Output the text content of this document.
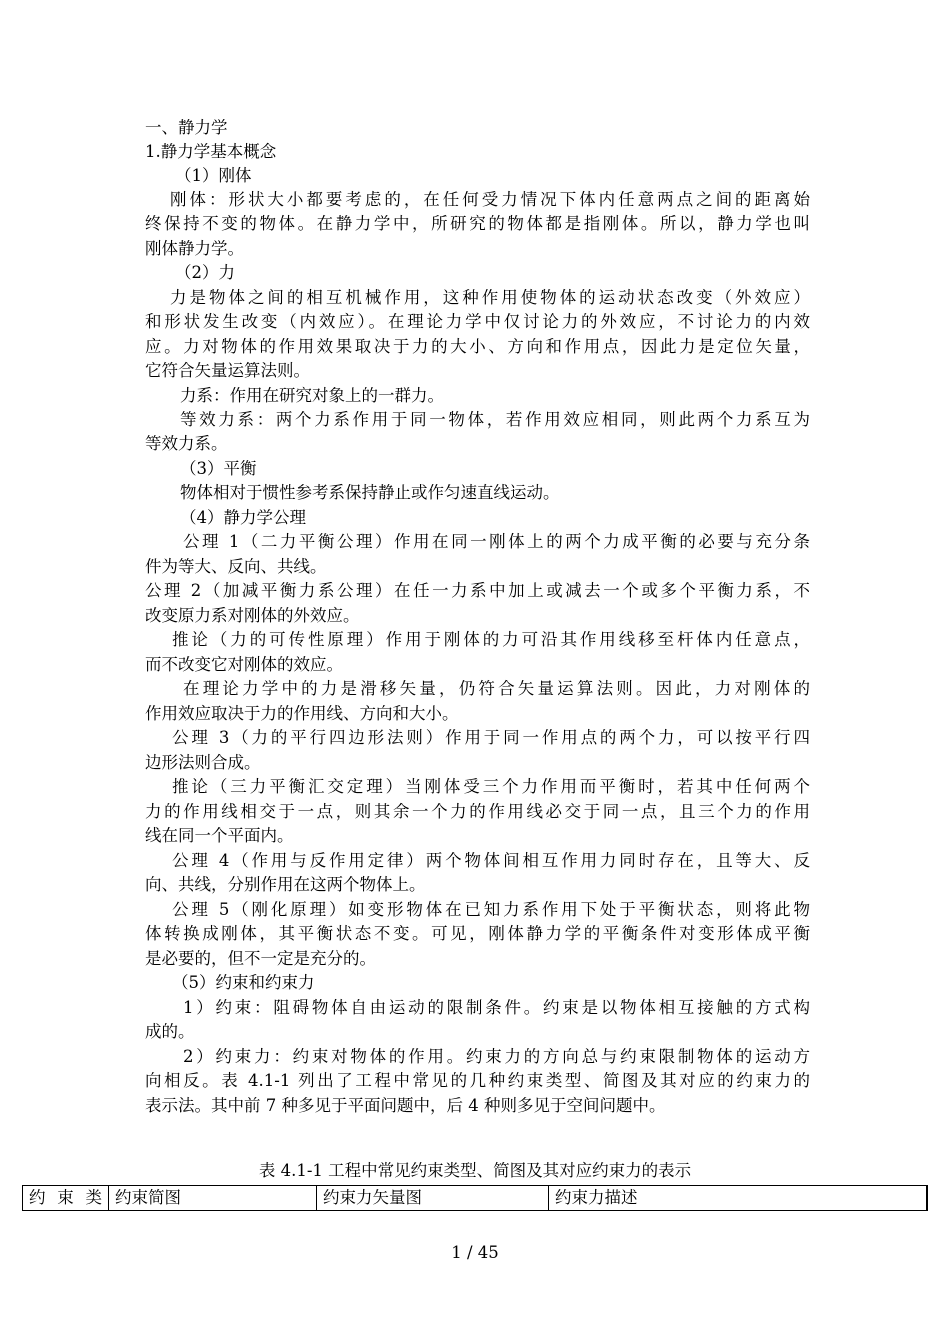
一、静力学
1.静力学基本概念
（1）刚体
刚体：形状大小都要考虑的，在任何受力情况下体内任意两点之间的距离始
终保持不变的物体。在静力学中，所研究的物体都是指刚体。所以，静力学也叫
刚体静力学。
（2）力
力是物体之间的相互机械作用，这种作用使物体的运动状态改变（外效应）
和形状发生改变（内效应）。在理论力学中仅讨论力的外效应，不讨论力的内效
应。力对物体的作用效果取决于力的大小、方向和作用点，因此力是定位矢量，
它符合矢量运算法则。
力系：作用在研究对象上的一群力。
等效力系：两个力系作用于同一物体，若作用效应相同，则此两个力系互为
等效力系。
（3）平衡
物体相对于惯性参考系保持静止或作匀速直线运动。
（4）静力学公理
公理 1（二力平衡公理）作用在同一刚体上的两个力成平衡的必要与充分条
件为等大、反向、共线。
公理 2（加减平衡力系公理）在任一力系中加上或减去一个或多个平衡力系，不
改变原力系对刚体的外效应。
推论（力的可传性原理）作用于刚体的力可沿其作用线移至杆体内任意点，
而不改变它对刚体的效应。
在理论力学中的力是滑移矢量，仍符合矢量运算法则。因此，力对刚体的
作用效应取决于力的作用线、方向和大小。
公理 3（力的平行四边形法则）作用于同一作用点的两个力，可以按平行四
边形法则合成。
推论（三力平衡汇交定理）当刚体受三个力作用而平衡时，若其中任何两个
力的作用线相交于一点，则其余一个力的作用线必交于同一点，且三个力的作用
线在同一个平面内。
公理 4（作用与反作用定律）两个物体间相互作用力同时存在，且等大、反
向、共线，分别作用在这两个物体上。
公理 5（刚化原理）如变形物体在已知力系作用下处于平衡状态，则将此物
体转换成刚体，其平衡状态不变。可见，刚体静力学的平衡条件对变形体成平衡
是必要的，但不一定是充分的。
（5）约束和约束力
1）约束：阻碍物体自由运动的限制条件。约束是以物体相互接触的方式构
成的。
2）约束力：约束对物体的作用。约束力的方向总与约束限制物体的运动方
向相反。表 4.1-1 列出了工程中常见的几种约束类型、简图及其对应的约束力的
表示法。其中前 7 种多见于平面问题中，后 4 种则多见于空间问题中。
表 4.1-1 工程中常见约束类型、简图及其对应约束力的表示
约束类	约束简图	约束力矢量图	约束力描述	
1 / 45
